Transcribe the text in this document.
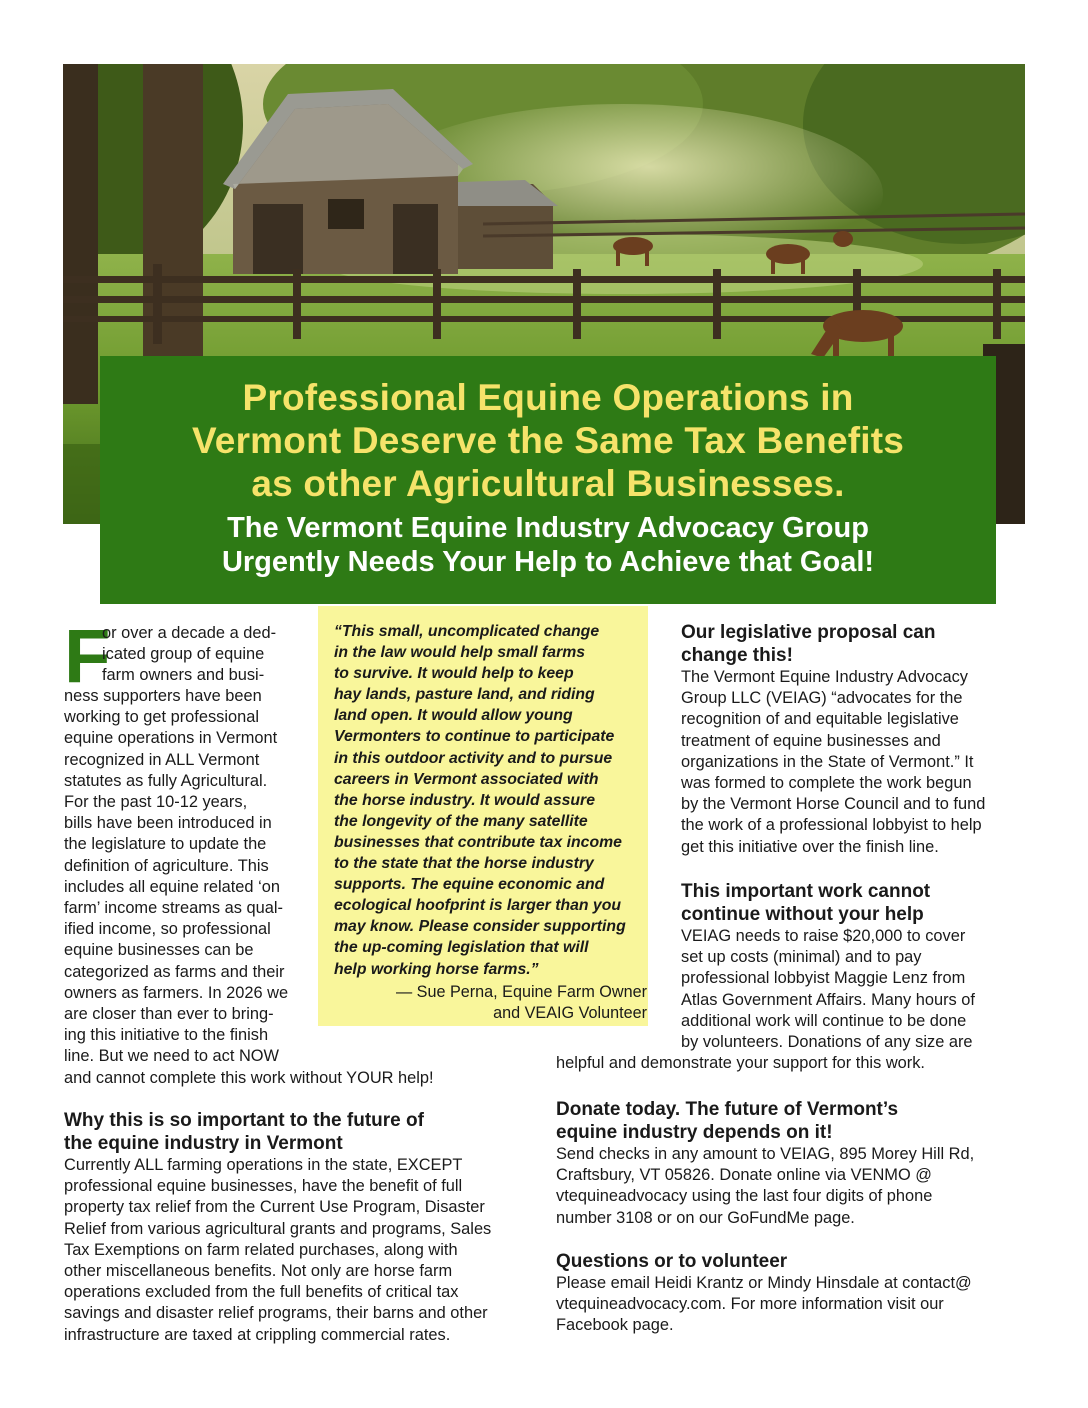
Professional Equine Operations in
Vermont Deserve the Same Tax Benefits
as other Agricultural Businesses.
The Vermont Equine Industry Advocacy Group
Urgently Needs Your Help to Achieve that Goal!
F
or over a decade a ded-
icated group of equine
farm owners and busi-
ness supporters have been
working to get professional
equine operations in Vermont
recognized in ALL Vermont
statutes as fully Agricultural.
For the past 10-12 years,
bills have been introduced in
the legislature to update the
definition of agriculture. This
includes all equine related ‘on
farm’ income streams as qual-
ified income, so professional
equine businesses can be
categorized as farms and their
owners as farmers. In 2026 we
are closer than ever to bring-
ing this initiative to the finish
line. But we need to act NOW
and cannot complete this work without YOUR help!
“This small, uncomplicated change
in the law would help small farms
to survive. It would help to keep
hay lands, pasture land, and riding
land open. It would allow young
Vermonters to continue to participate
in this outdoor activity and to pursue
careers in Vermont associated with
the horse industry. It would assure
the longevity of the many satellite
businesses that contribute tax income
to the state that the horse industry
supports. The equine economic and
ecological hoofprint is larger than you
may know. Please consider supporting
the up-coming legislation that will
help working horse farms.”
— Sue Perna, Equine Farm Owner
and VEAIG Volunteer
Why this is so important to the future of
the equine industry in Vermont
Currently ALL farming operations in the state, EXCEPT
professional equine businesses, have the benefit of full
property tax relief from the Current Use Program, Disaster
Relief from various agricultural grants and programs, Sales
Tax Exemptions on farm related purchases, along with
other miscellaneous benefits. Not only are horse farm
operations excluded from the full benefits of critical tax
savings and disaster relief programs, their barns and other
infrastructure are taxed at crippling commercial rates.
Our legislative proposal can
change this!
The Vermont Equine Industry Advocacy
Group LLC (VEIAG) “advocates for the
recognition of and equitable legislative
treatment of equine businesses and
organizations in the State of Vermont.” It
was formed to complete the work begun
by the Vermont Horse Council and to fund
the work of a professional lobbyist to help
get this initiative over the finish line.
This important work cannot
continue without your help
VEIAG needs to raise $20,000 to cover
set up costs (minimal) and to pay
professional lobbyist Maggie Lenz from
Atlas Government Affairs. Many hours of
additional work will continue to be done
by volunteers. Donations of any size are
helpful and demonstrate your support for this work.
Donate today. The future of Vermont’s
equine industry depends on it!
Send checks in any amount to VEIAG, 895 Morey Hill Rd,
Craftsbury, VT 05826. Donate online via VENMO @
vtequineadvocacy using the last four digits of phone
number 3108 or on our GoFundMe page.
Questions or to volunteer
Please email Heidi Krantz or Mindy Hinsdale at contact@
vtequineadvocacy.com. For more information visit our
Facebook page.
